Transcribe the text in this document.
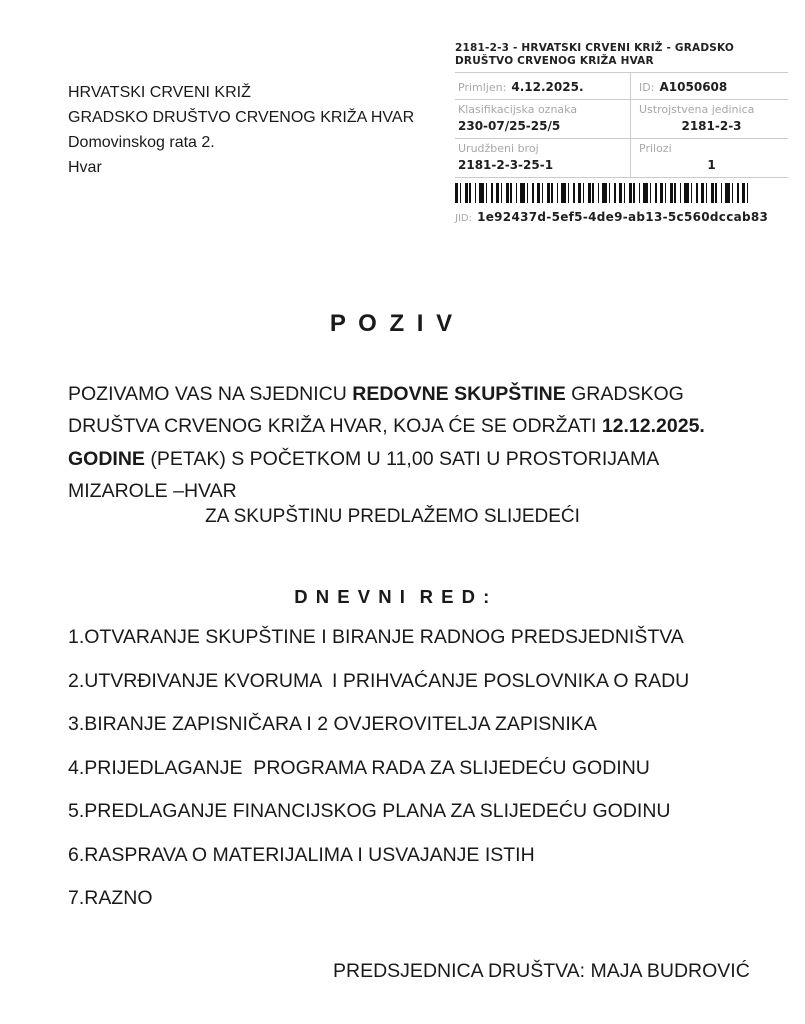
HRVATSKI CRVENI KRIŽ
GRADSKO DRUŠTVO CRVENOG KRIŽA HVAR
Domovinskog rata 2.
Hvar
2181-2-3 - HRVATSKI CRVENI KRIŽ - GRADSKO DRUŠTVO CRVENOG KRIŽA HVAR
Primljen: 4.12.2025.	ID: A1050608
Klasifikacijska oznaka
230-07/25-25/5
Ustrojstvena jedinica
2181-2-3
Urudžbeni broj
2181-2-3-25-1
Prilozi
1
JID: 1e92437d-5ef5-4de9-ab13-5c560dccab83
P O Z I V

POZIVAMO VAS NA SJEDNICU REDOVNE SKUPŠTINE GRADSKOG DRUŠTVA CRVENOG KRIŽA HVAR, KOJA ĆE SE ODRŽATI 12.12.2025. GODINE (PETAK) S POČETKOM U 11,00 SATI U PROSTORIJAMA MIZAROLE –HVAR

ZA SKUPŠTINU PREDLAŽEMO SLIJEDEĆI
D N E V N I  R E D :
1.OTVARANJE SKUPŠTINE I BIRANJE RADNOG PREDSJEDNIŠTVA
2.UTVRĐIVANJE KVORUMA  I PRIHVAĆANJE POSLOVNIKA O RADU
3.BIRANJE ZAPISNIČARA I 2 OVJEROVITELJA ZAPISNIKA
4.PRIJEDLAGANJE  PROGRAMA RADA ZA SLIJEDEĆU GODINU
5.PREDLAGANJE FINANCIJSKOG PLANA ZA SLIJEDEĆU GODINU
6.RASPRAVA O MATERIJALIMA I USVAJANJE ISTIH
7.RAZNO
PREDSJEDNICA DRUŠTVA: MAJA BUDROVIĆ
